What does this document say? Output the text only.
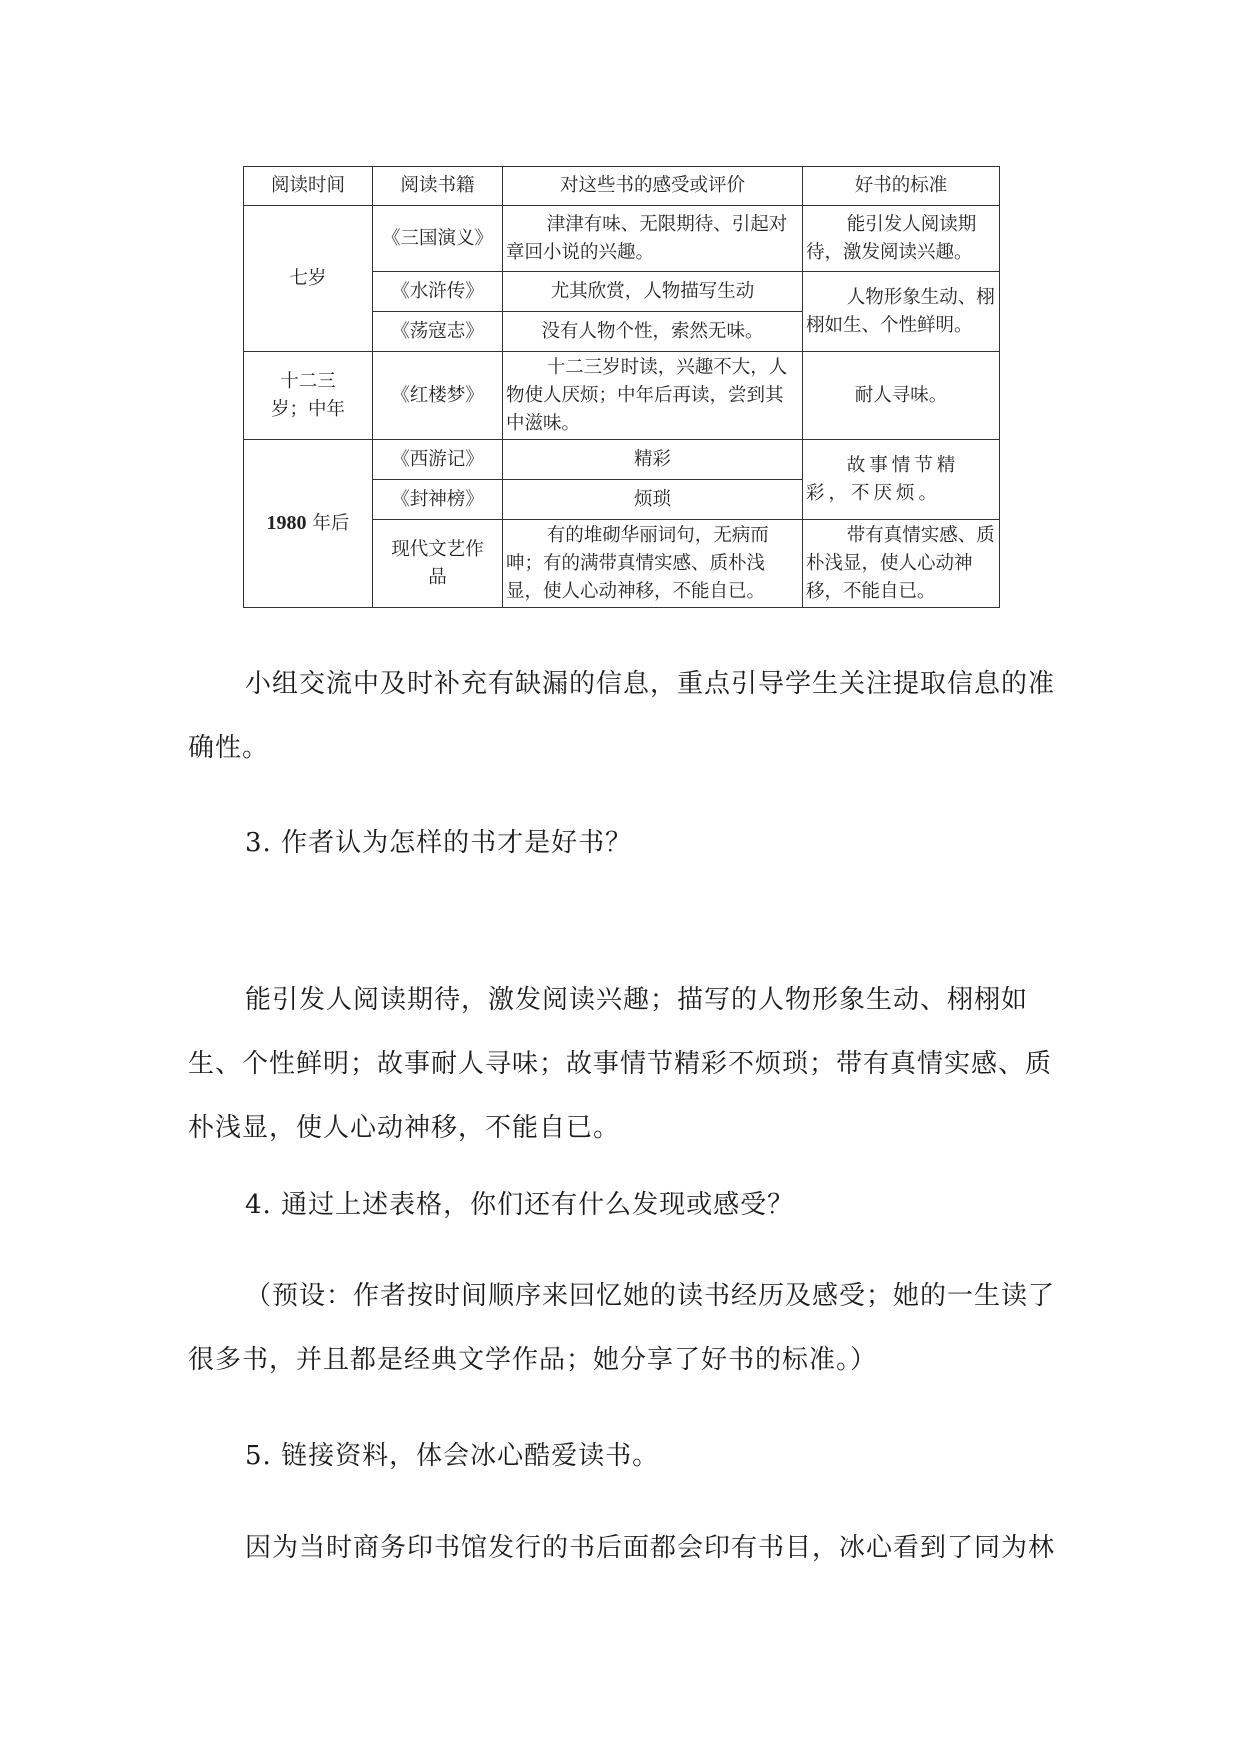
阅读时间	阅读书籍	对这些书的感受或评价	好书的标准
七岁	《三国演义》	津津有味、无限期待、引起对章回小说的兴趣。	能引发人阅读期待，激发阅读兴趣。
	《水浒传》	尤其欣赏，人物描写生动	人物形象生动、栩栩如生、个性鲜明。
	《荡寇志》	没有人物个性，索然无味。	

十二三岁；中年	《红楼梦》	十二三岁时读，兴趣不大，人物使人厌烦；中年后再读，尝到其中滋味。	耐人寻味。
1980 年后	《西游记》	精彩	故事情节精彩，不厌烦。
	《封神榜》	烦琐	

	现代文艺作品	有的堆砌华丽词句，无病而呻；有的满带真情实感、质朴浅显，使人心动神移，不能自已。	带有真情实感、质朴浅显，使人心动神移，不能自已。

小组交流中及时补充有缺漏的信息，重点引导学生关注提取信息的准确性。

3. 作者认为怎样的书才是好书？

能引发人阅读期待，激发阅读兴趣；描写的人物形象生动、栩栩如生、个性鲜明；故事耐人寻味；故事情节精彩不烦琐；带有真情实感、质朴浅显，使人心动神移，不能自已。

4. 通过上述表格，你们还有什么发现或感受？

（预设：作者按时间顺序来回忆她的读书经历及感受；她的一生读了很多书，并且都是经典文学作品；她分享了好书的标准。）

5. 链接资料，体会冰心酷爱读书。

因为当时商务印书馆发行的书后面都会印有书目，冰心看到了同为林
